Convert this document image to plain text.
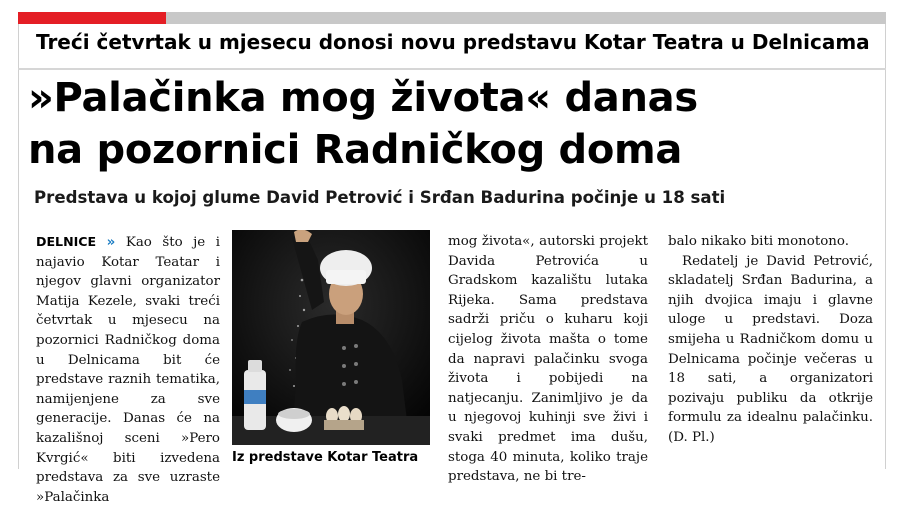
Treći četvrtak u mjesecu donosi novu predstavu Kotar Teatra u Delnicama
»Palačinka mog života« danas
na pozornici Radničkog doma
Predstava u kojoj glume David Petrović i Srđan Badurina počinje u 18 sati

DELNICE » Kao što je i najavio Kotar Teatar i njegov glavni organizator Matija Kezele, svaki treći četvrtak u mjesecu na pozornici Radničkog doma u Delnicama bit će predstave raznih tematika, namijenjene za sve generacije. Danas će na kazališnoj sceni »Pero Kvrgić« biti izvedena predstava za sve uzraste »Palačinka

Iz predstave Kotar Teatra

mog života«, autorski projekt Davida Petrovića u Gradskom kazalištu lutaka Rijeka. Sama predstava sadrži priču o kuharu koji cijelog života mašta o tome da napravi palačinku svoga života i pobijedi na natjecanju. Zanimljivo je da u njegovoj kuhinji sve živi i svaki predmet ima dušu, stoga 40 minuta, koliko traje predstava, ne bi tre-

balo nikako biti monotono.

Redatelj je David Petrović, skladatelj Srđan Badurina, a njih dvojica imaju i glavne uloge u predstavi. Doza smijeha u Radničkom domu u Delnicama počinje večeras u 18 sati, a organizatori pozivaju publiku da otkrije formulu za idealnu palačinku. (D. Pl.)
